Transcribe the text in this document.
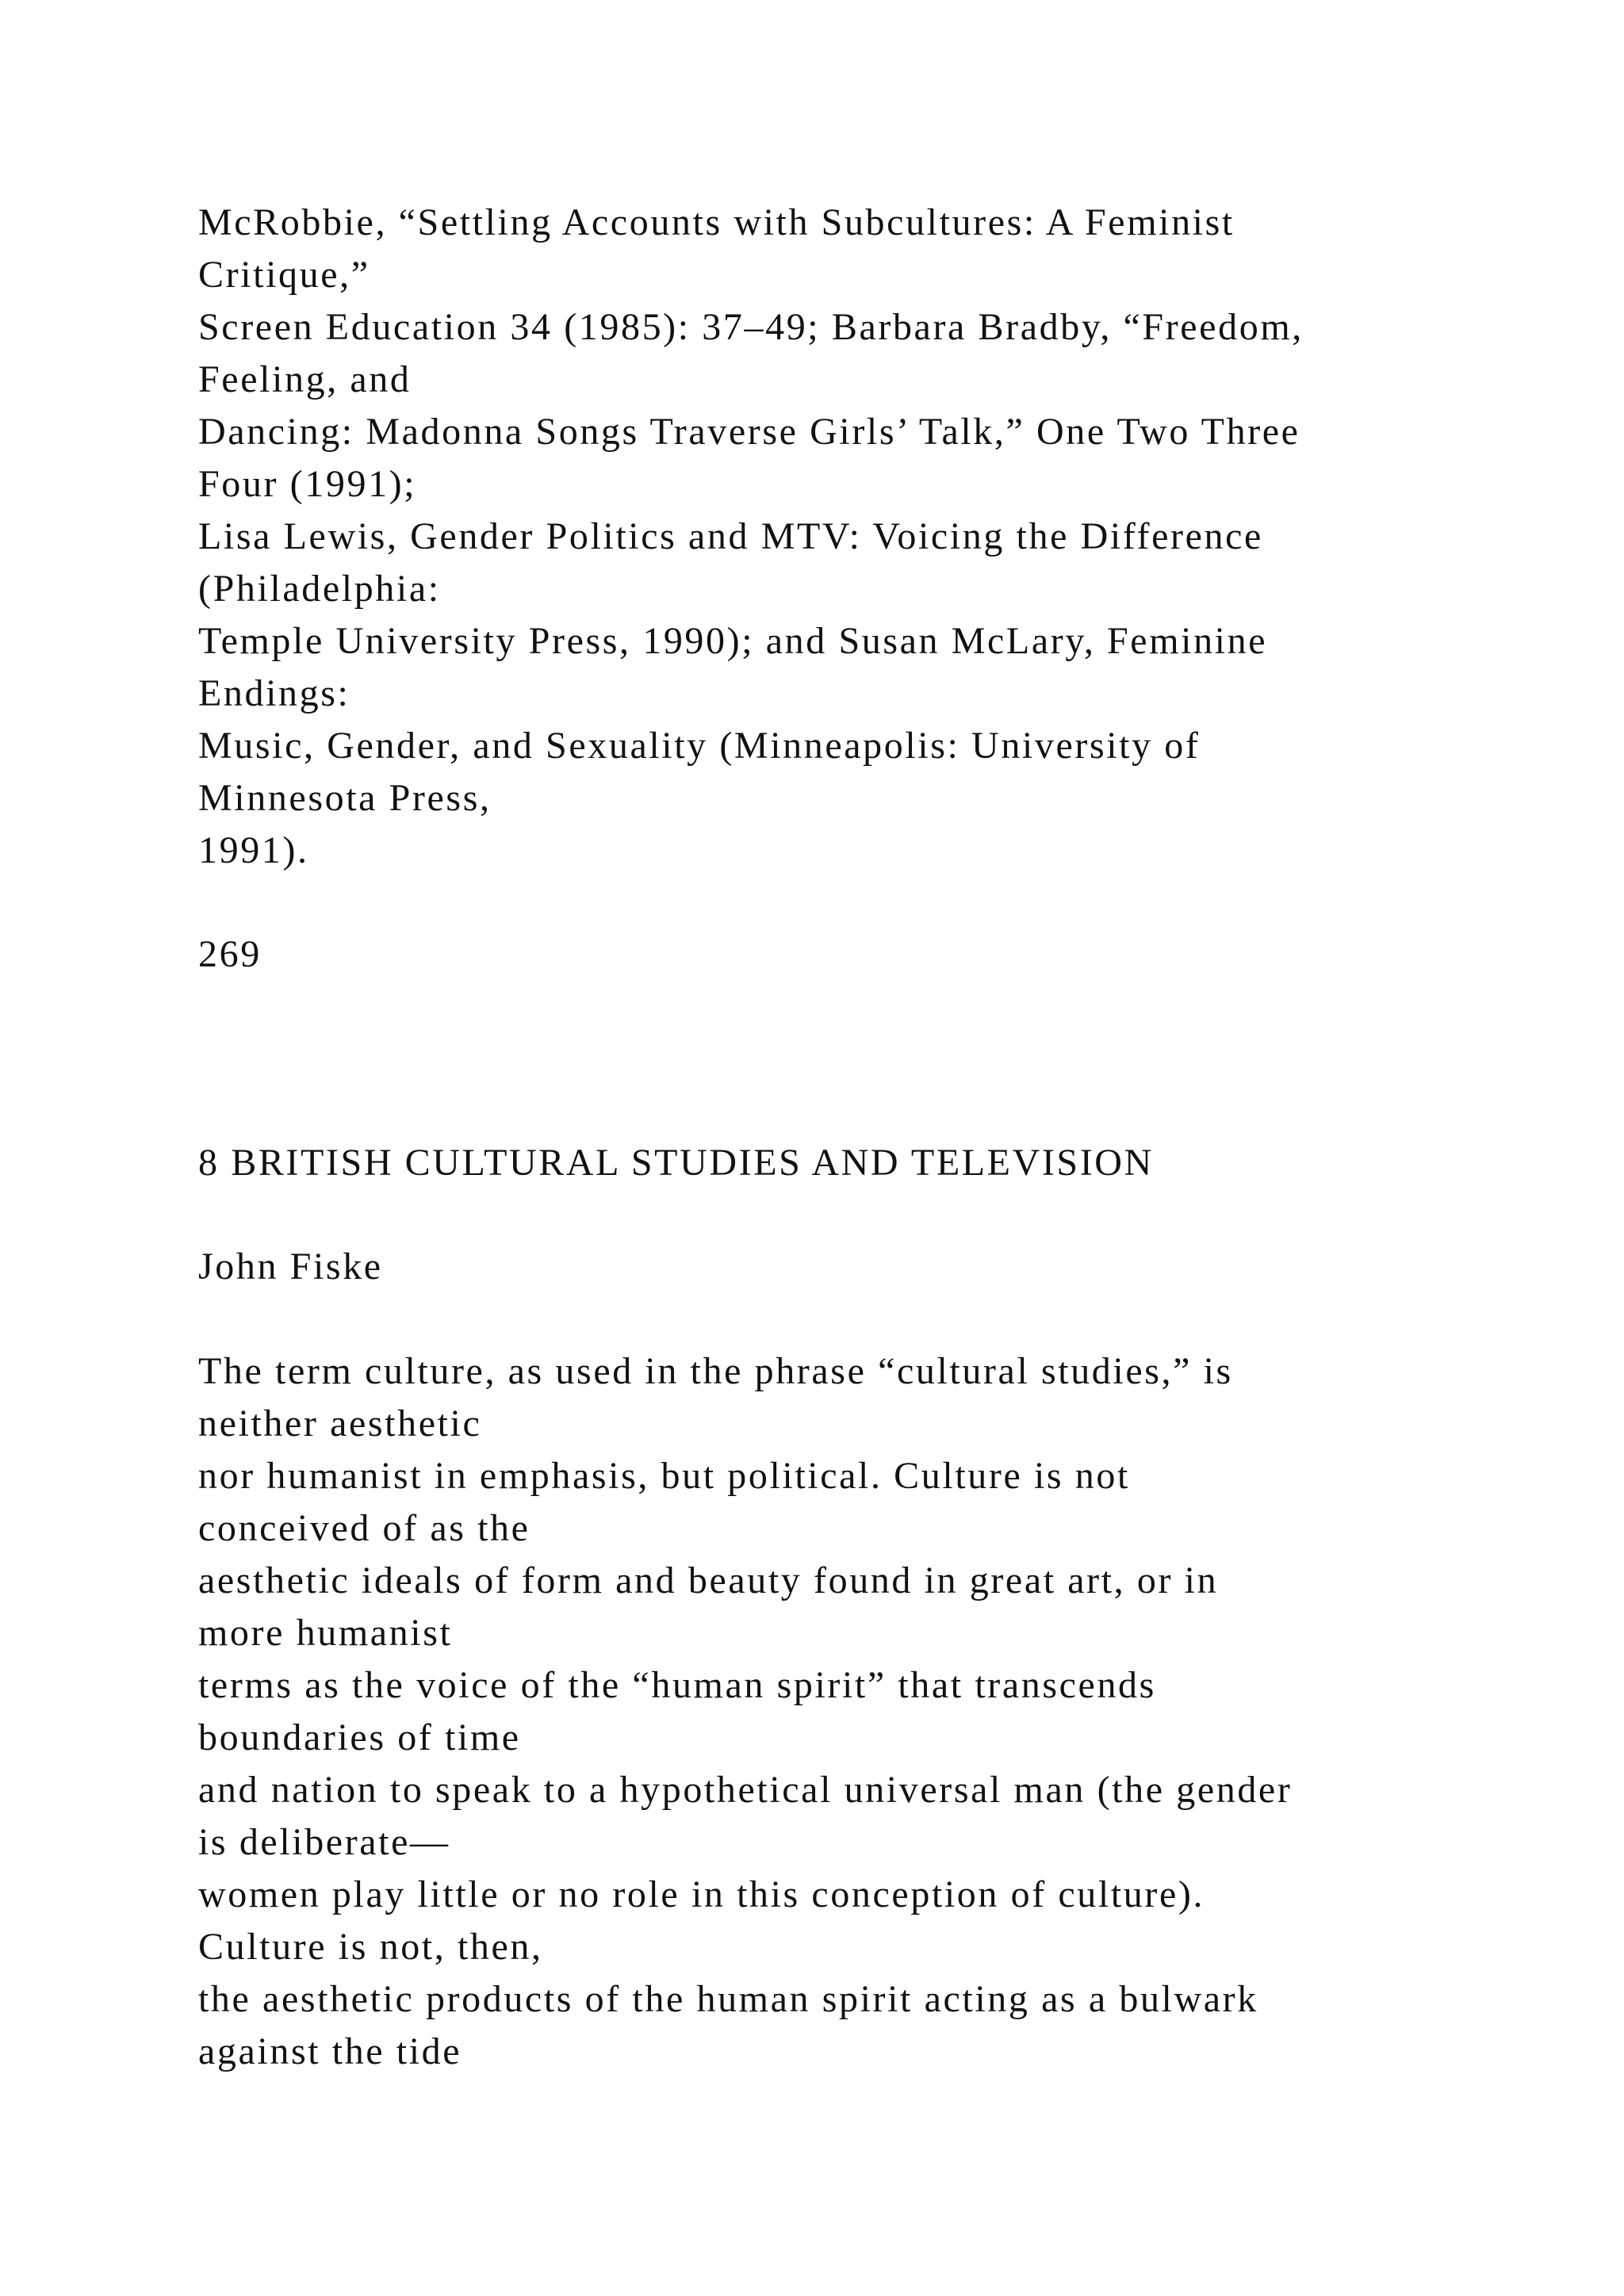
McRobbie, “Settling Accounts with Subcultures: A Feminist
Critique,”
Screen Education 34 (1985): 37–49; Barbara Bradby, “Freedom,
Feeling, and
Dancing: Madonna Songs Traverse Girls’ Talk,” One Two Three
Four (1991);
Lisa Lewis, Gender Politics and MTV: Voicing the Difference
(Philadelphia:
Temple University Press, 1990); and Susan McLary, Feminine
Endings:
Music, Gender, and Sexuality (Minneapolis: University of
Minnesota Press,
1991).
269
8 BRITISH CULTURAL STUDIES AND TELEVISION
John Fiske
The term culture, as used in the phrase “cultural studies,” is
neither aesthetic
nor humanist in emphasis, but political. Culture is not
conceived of as the
aesthetic ideals of form and beauty found in great art, or in
more humanist
terms as the voice of the “human spirit” that transcends
boundaries of time
and nation to speak to a hypothetical universal man (the gender
is deliberate—
women play little or no role in this conception of culture).
Culture is not, then,
the aesthetic products of the human spirit acting as a bulwark
against the tide
